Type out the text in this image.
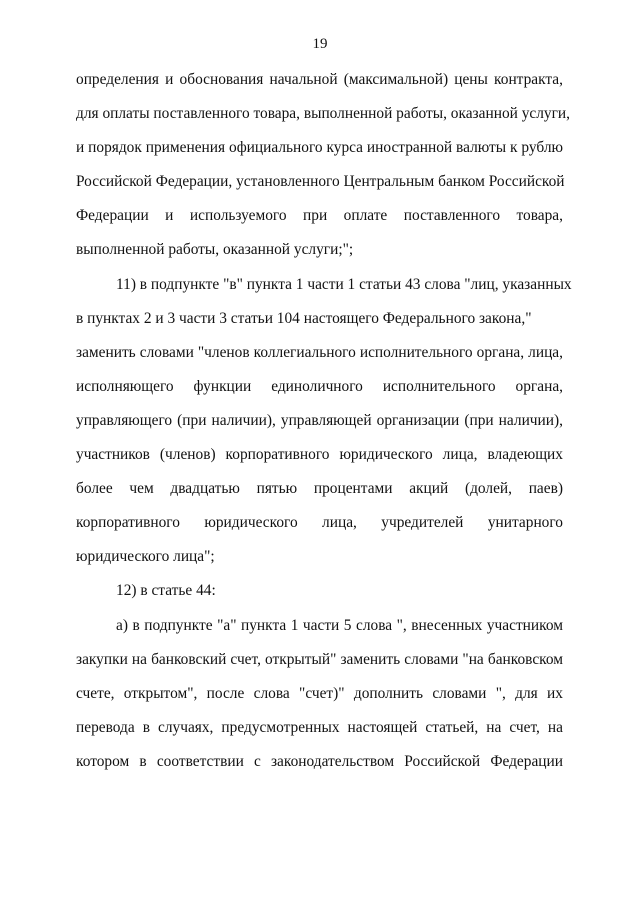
19
определения и обоснования начальной (максимальной) цены контракта,
для оплаты поставленного товара, выполненной работы, оказанной услуги,
и порядок применения официального курса иностранной валюты к рублю
Российской Федерации, установленного Центральным банком Российской
Федерации и используемого при оплате поставленного товара,
выполненной работы, оказанной услуги;";
11) в подпункте "в" пункта 1 части 1 статьи 43 слова "лиц, указанных
в пунктах 2 и 3 части 3 статьи 104 настоящего Федерального закона,"
заменить словами "членов коллегиального исполнительного органа, лица,
исполняющего функции единоличного исполнительного органа,
управляющего (при наличии), управляющей организации (при наличии),
участников (членов) корпоративного юридического лица, владеющих
более чем двадцатью пятью процентами акций (долей, паев)
корпоративного юридического лица, учредителей унитарного
юридического лица";
12) в статье 44:
а) в подпункте "а" пункта 1 части 5 слова ", внесенных участником
закупки на банковский счет, открытый" заменить словами "на банковском
счете, открытом", после слова "счет)" дополнить словами ", для их
перевода в случаях, предусмотренных настоящей статьей, на счет, на
котором в соответствии с законодательством Российской Федерации
